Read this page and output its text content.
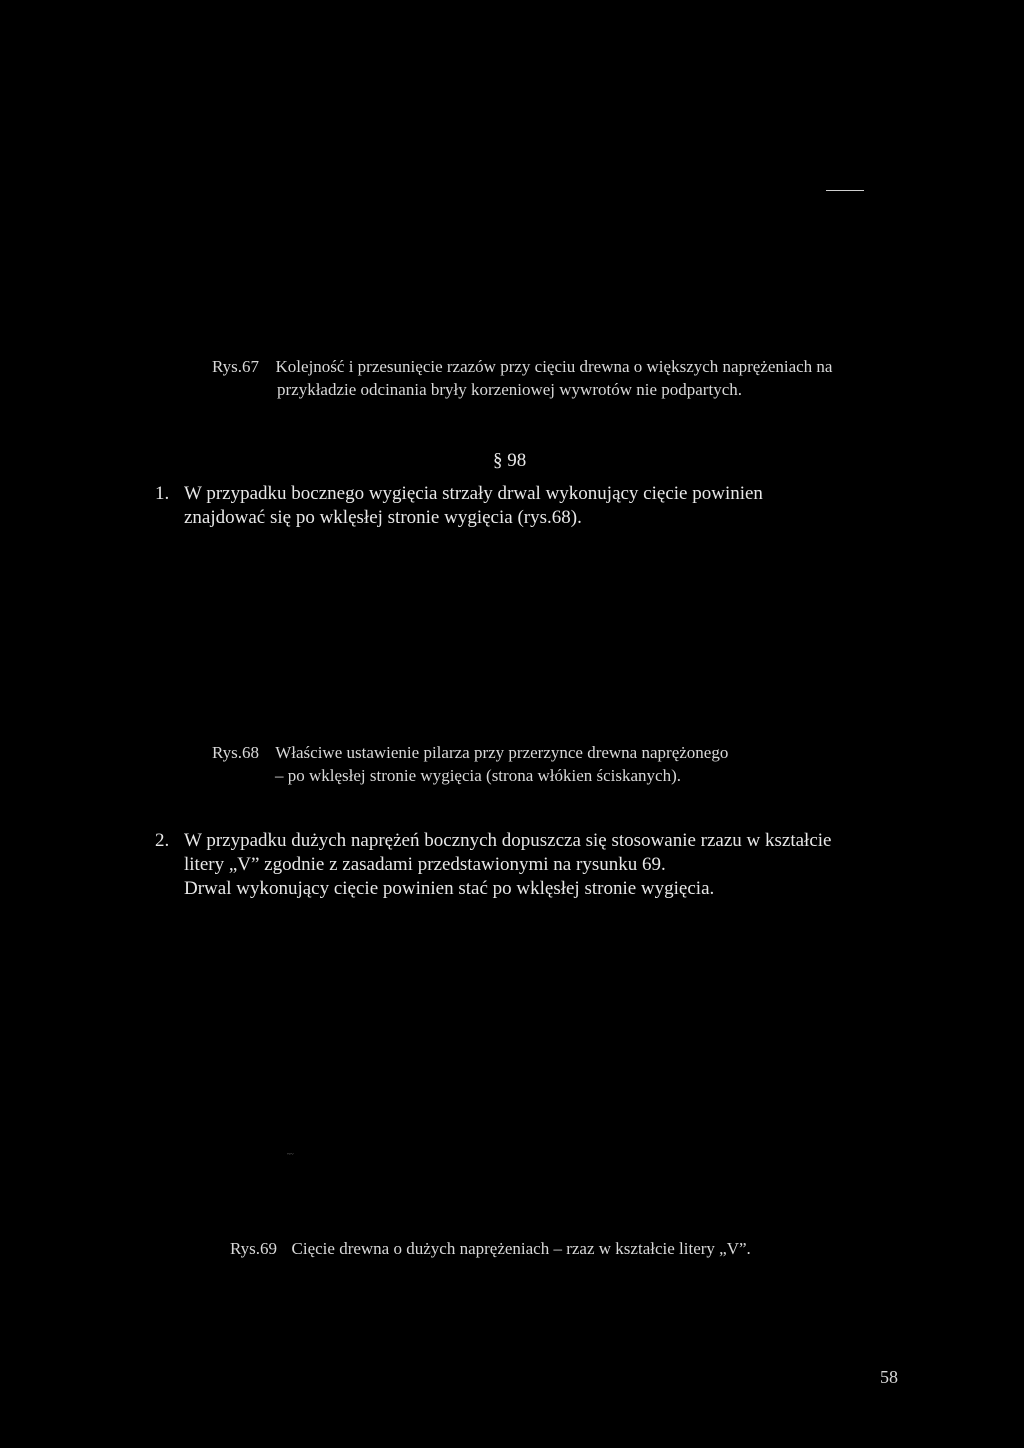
Rys.67 Kolejność i przesunięcie rzazów przy cięciu drewna o większych naprężeniach na
przykładzie odcinania bryły korzeniowej wywrotów nie podpartych.
§ 98
1. W przypadku bocznego wygięcia strzały drwal wykonujący cięcie powinien
znajdować się po wklęsłej stronie wygięcia (rys.68).
Rys.68 Właściwe ustawienie pilarza przy przerzynce drewna naprężonego
– po wklęsłej stronie wygięcia (strona włókien ściskanych).
2. W przypadku dużych naprężeń bocznych dopuszcza się stosowanie rzazu w kształcie
litery „V” zgodnie z zasadami przedstawionymi na rysunku 69.
Drwal wykonujący cięcie powinien stać po wklęsłej stronie wygięcia.
~~
Rys.69 Cięcie drewna o dużych naprężeniach – rzaz w kształcie litery „V”.
58
